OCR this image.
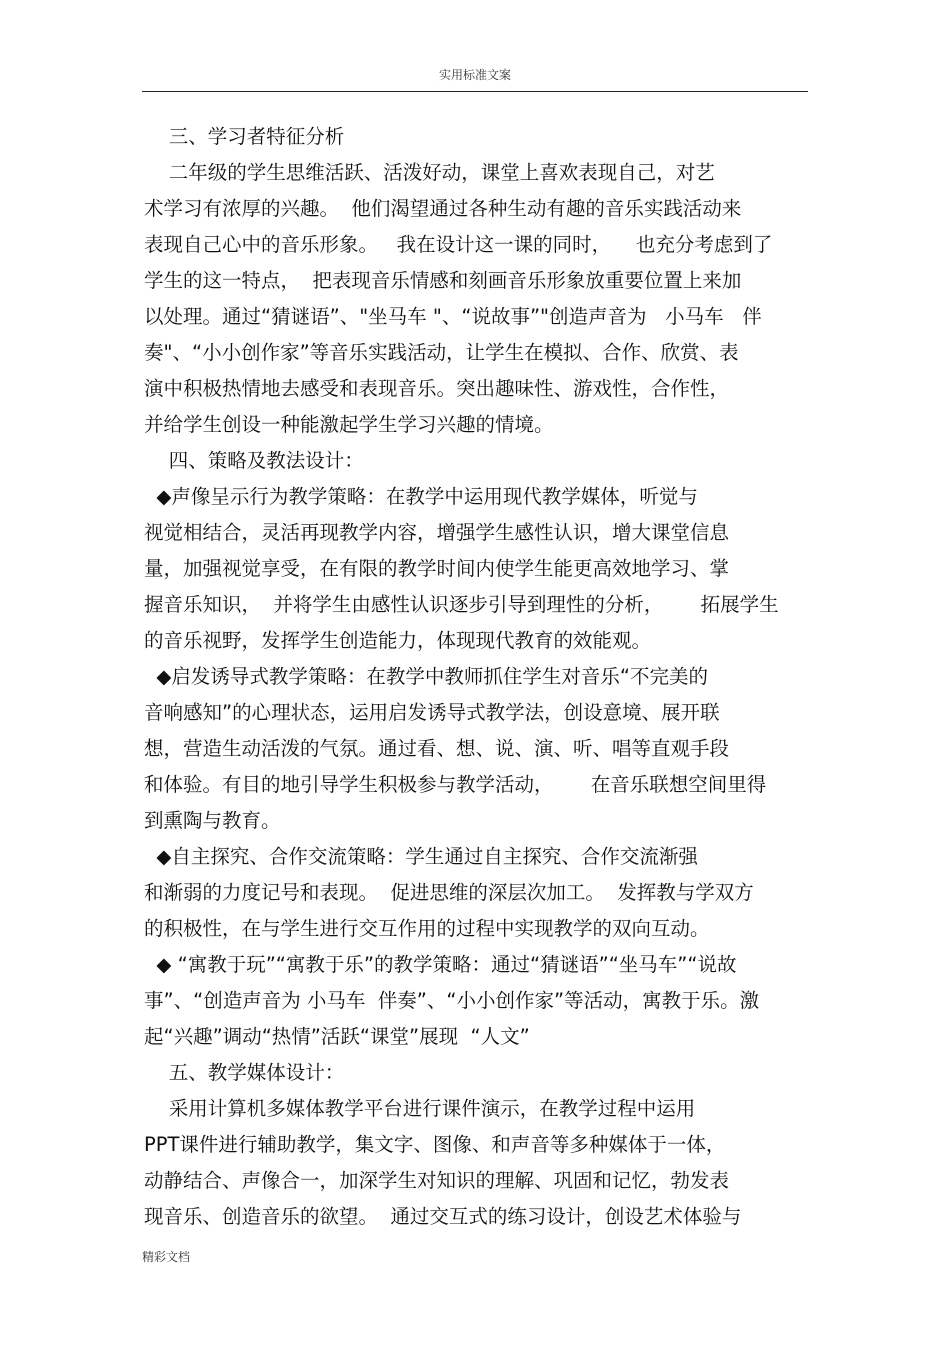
实用标准文案
三、学习者特征分析
二年级的学生思维活跃、活泼好动，课堂上喜欢表现自己，对艺
术学习有浓厚的兴趣。  他们渴望通过各种生动有趣的音乐实践活动来
表现自己心中的音乐形象。   我在设计这一课的同时，    也充分考虑到了
学生的这一特点，  把表现音乐情感和刻画音乐形象放重要位置上来加
以处理。通过“猜谜语”、"坐马车 "、“说故事”"创造声音为   小马车   伴
奏"、“小小创作家”等音乐实践活动，让学生在模拟、合作、欣赏、表
演中积极热情地去感受和表现音乐。突出趣味性、游戏性，合作性，
并给学生创设一种能激起学生学习兴趣的情境。
四、策略及教法设计：
◆声像呈示行为教学策略：在教学中运用现代教学媒体，听觉与
视觉相结合，灵活再现教学内容，增强学生感性认识，增大课堂信息
量，加强视觉享受，在有限的教学时间内使学生能更高效地学习、掌
握音乐知识，  并将学生由感性认识逐步引导到理性的分析，      拓展学生
的音乐视野，发挥学生创造能力，体现现代教育的效能观。
◆启发诱导式教学策略：在教学中教师抓住学生对音乐“不完美的
音响感知”的心理状态，运用启发诱导式教学法，创设意境、展开联
想，营造生动活泼的气氛。通过看、想、说、演、听、唱等直观手段
和体验。有目的地引导学生积极参与教学活动，      在音乐联想空间里得
到熏陶与教育。
◆自主探究、合作交流策略：学生通过自主探究、合作交流渐强
和渐弱的力度记号和表现。  促进思维的深层次加工。  发挥教与学双方
的积极性，在与学生进行交互作用的过程中实现教学的双向互动。
◆ “寓教于玩”“寓教于乐”的教学策略：通过“猜谜语”“坐马车”“说故
事”、“创造声音为 小马车  伴奏”、“小小创作家”等活动，寓教于乐。激
起“兴趣”调动“热情”活跃“课堂”展现  “人文”
五、教学媒体设计：
采用计算机多媒体教学平台进行课件演示，在教学过程中运用
PPT课件进行辅助教学，集文字、图像、和声音等多种媒体于一体，
动静结合、声像合一，加深学生对知识的理解、巩固和记忆，勃发表
现音乐、创造音乐的欲望。  通过交互式的练习设计，创设艺术体验与
精彩文档
